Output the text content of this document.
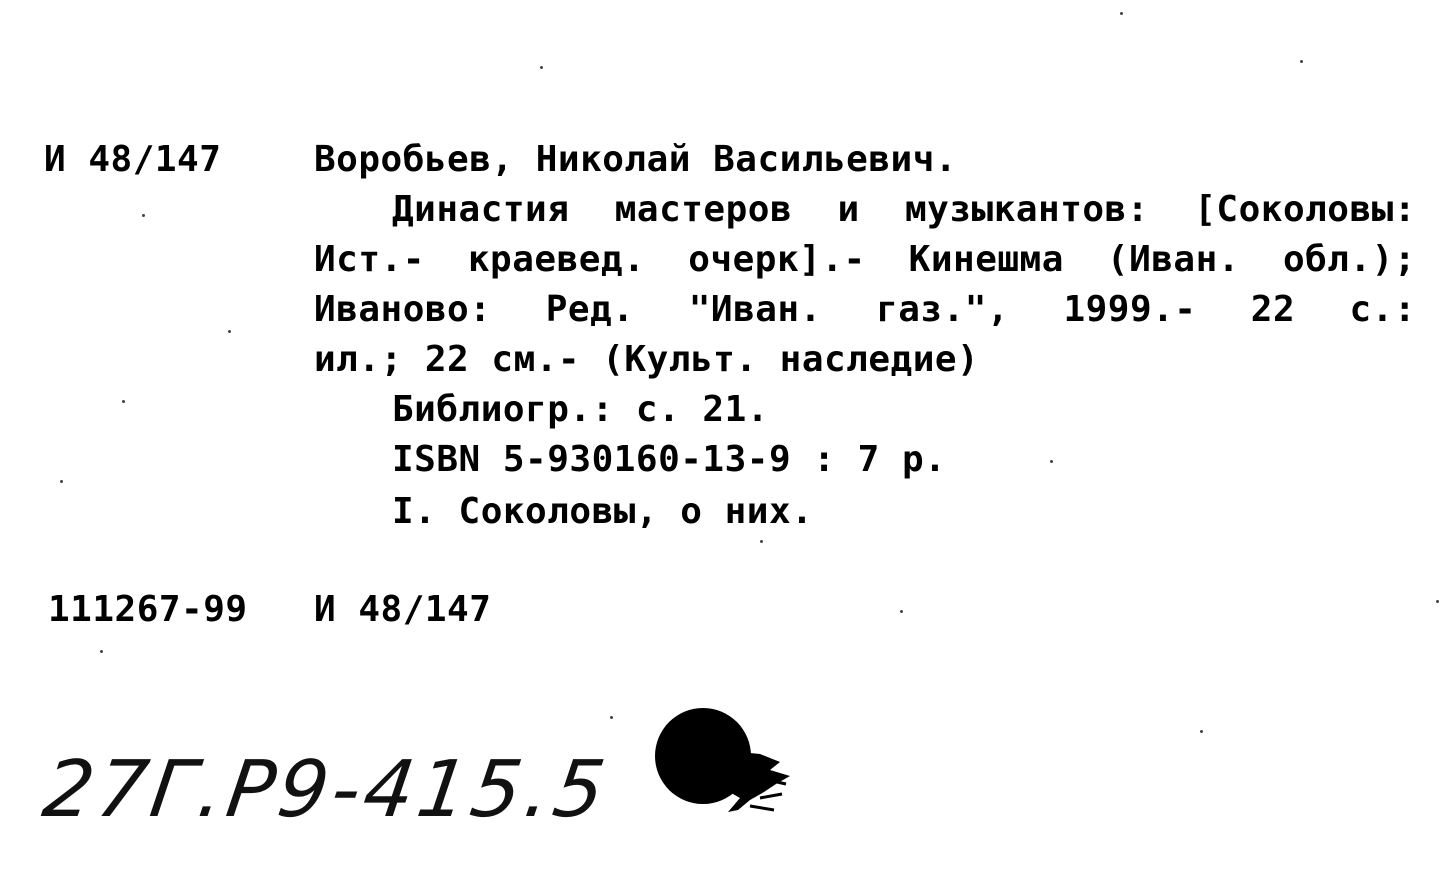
И 48/147	Воробьев, Николай Васильевич.
Династия мастеров и музыкантов: [Соколовы:
Ист.- краевед. очерк].- Кинешма (Иван. обл.);
Иваново: Ред. "Иван. газ.", 1999.- 22 с.:
ил.; 22 см.- (Культ. наследие)
Библиогр.: с. 21.
ISBN 5-930160-13-9 : 7 р.
I. Соколовы, о них.
111267-99 И 48/147
27Г.Р9-415.5
